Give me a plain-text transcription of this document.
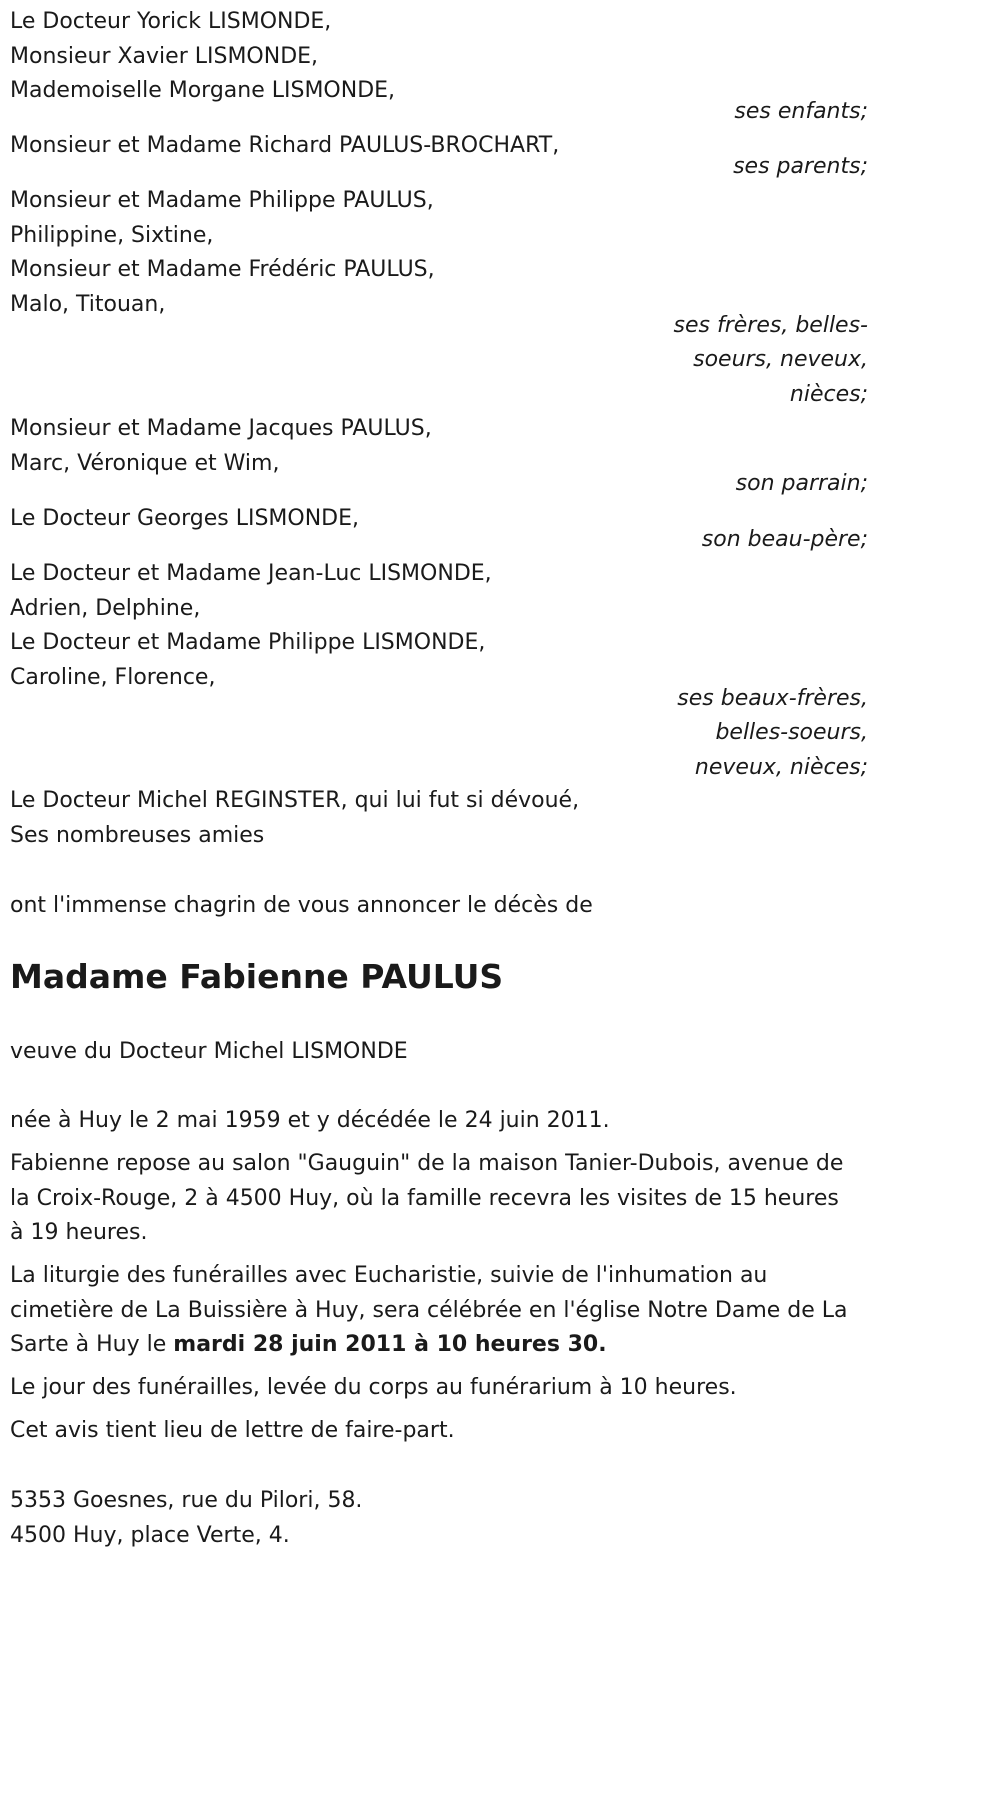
Le Docteur Yorick LISMONDE,
Monsieur Xavier LISMONDE,
Mademoiselle Morgane LISMONDE,
ses enfants;
Monsieur et Madame Richard PAULUS-BROCHART,
ses parents;
Monsieur et Madame Philippe PAULUS,
Philippine, Sixtine,
Monsieur et Madame Frédéric PAULUS,
Malo, Titouan,
ses frères, belles-
soeurs, neveux,
nièces;
Monsieur et Madame Jacques PAULUS,
Marc, Véronique et Wim,
son parrain;
Le Docteur Georges LISMONDE,
son beau-père;
Le Docteur et Madame Jean-Luc LISMONDE,
Adrien, Delphine,
Le Docteur et Madame Philippe LISMONDE,
Caroline, Florence,
ses beaux-frères,
belles-soeurs,
neveux, nièces;
Le Docteur Michel REGINSTER, qui lui fut si dévoué,
Ses nombreuses amies
ont l'immense chagrin de vous annoncer le décès de
Madame Fabienne PAULUS
veuve du Docteur Michel LISMONDE
née à Huy le 2 mai 1959 et y décédée le 24 juin 2011.
Fabienne repose au salon "Gauguin" de la maison Tanier-Dubois, avenue de la Croix-Rouge, 2 à 4500 Huy, où la famille recevra les visites de 15 heures à 19 heures.
La liturgie des funérailles avec Eucharistie, suivie de l'inhumation au cimetière de La Buissière à Huy, sera célébrée en l'église Notre Dame de La Sarte à Huy le mardi 28 juin 2011 à 10 heures 30.
Le jour des funérailles, levée du corps au funérarium à 10 heures.
Cet avis tient lieu de lettre de faire-part.
5353 Goesnes, rue du Pilori, 58.
4500 Huy, place Verte, 4.
